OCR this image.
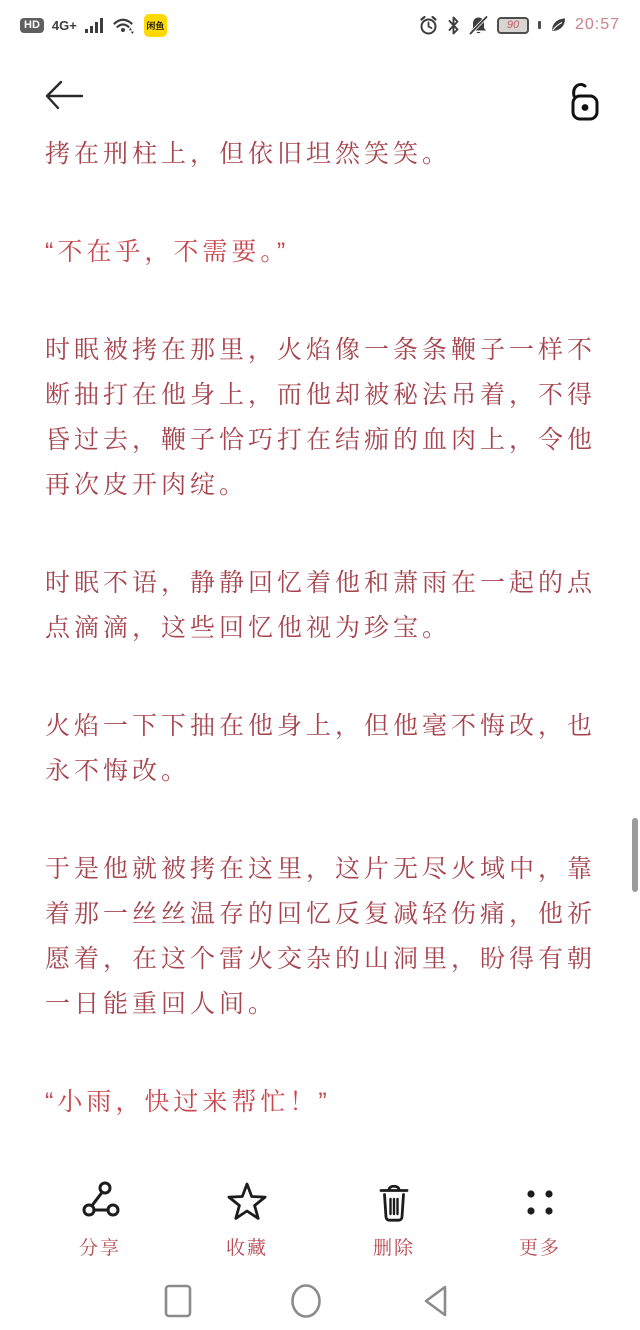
HD 4G+	闲鱼	90	20:57
拷在刑柱上，但依旧坦然笑笑。
“不在乎，不需要。”
时眠被拷在那里，火焰像一条条鞭子一样不
断抽打在他身上，而他却被秘法吊着，不得
昏过去，鞭子恰巧打在结痂的血肉上，令他
再次皮开肉绽。
时眠不语，静静回忆着他和萧雨在一起的点
点滴滴，这些回忆他视为珍宝。
火焰一下下抽在他身上，但他毫不悔改，也
永不悔改。
于是他就被拷在这里，这片无尽火域中，靠
着那一丝丝温存的回忆反复减轻伤痛，他祈
愿着，在这个雷火交杂的山洞里，盼得有朝
一日能重回人间。
“小雨，快过来帮忙！”
分享	收藏	删除	更多
